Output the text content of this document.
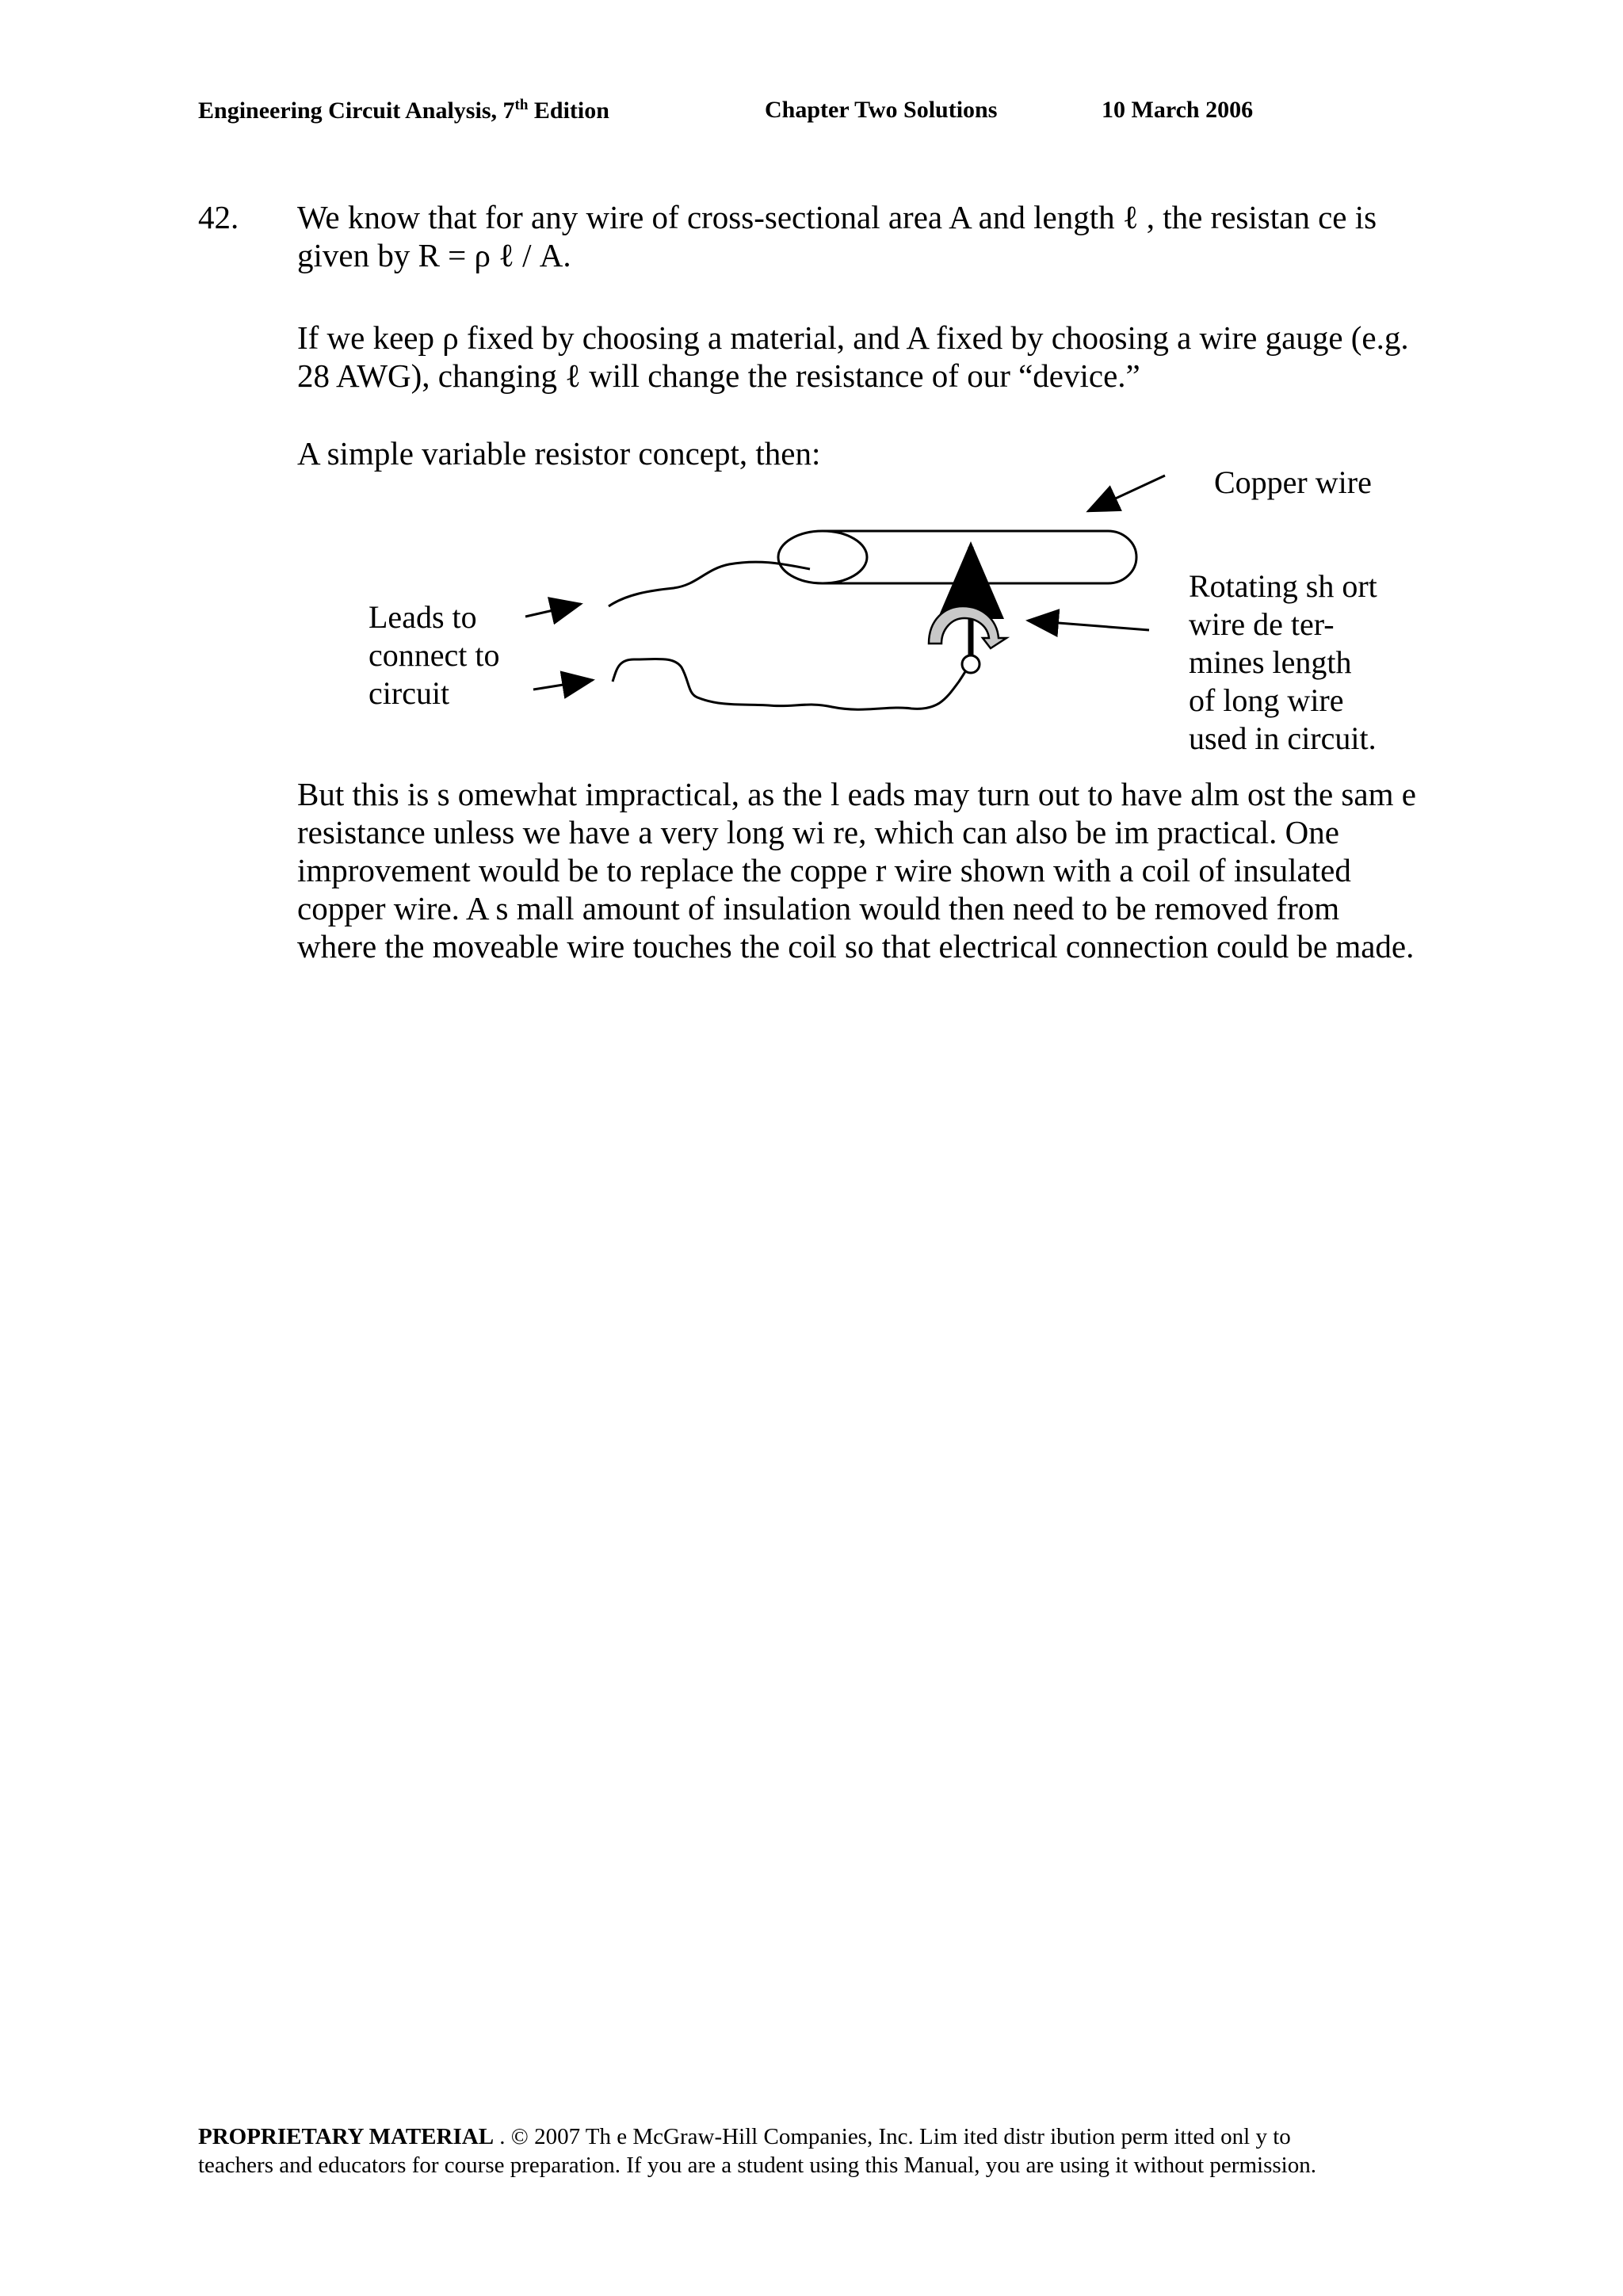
Engineering Circuit Analysis, 7th Edition	Chapter Two Solutions	10 March 2006
42. We know that for any wire of cross-sectional area A and length ℓ , the resistan ce is
given by R = ρ ℓ / A.
If we keep ρ fixed by choosing a material, and A fixed by choosing a wire gauge (e.g.
28 AWG), changing ℓ will change the resistance of our “device.”
A simple variable resistor concept, then:
Copper wire
Leads to
connect to
circuit
Rotating sh ort
wire de ter-
mines length
of long wire
used in circuit.
But this is s omewhat impractical, as the l eads may turn out to have alm ost the sam e
resistance unless we have a very long wi re, which can also be im practical. One
improvement would be to replace the coppe r wire shown with a coil of insulated
copper wire. A s mall amount of insulation would then need to be removed from
where the moveable wire touches the coil so that electrical connection could be made.
PROPRIETARY MATERIAL . © 2007 Th e McGraw-Hill Companies, Inc. Lim ited distr ibution perm itted onl y to
teachers and educators for course preparation. If you are a student using this Manual, you are using it without permission.
